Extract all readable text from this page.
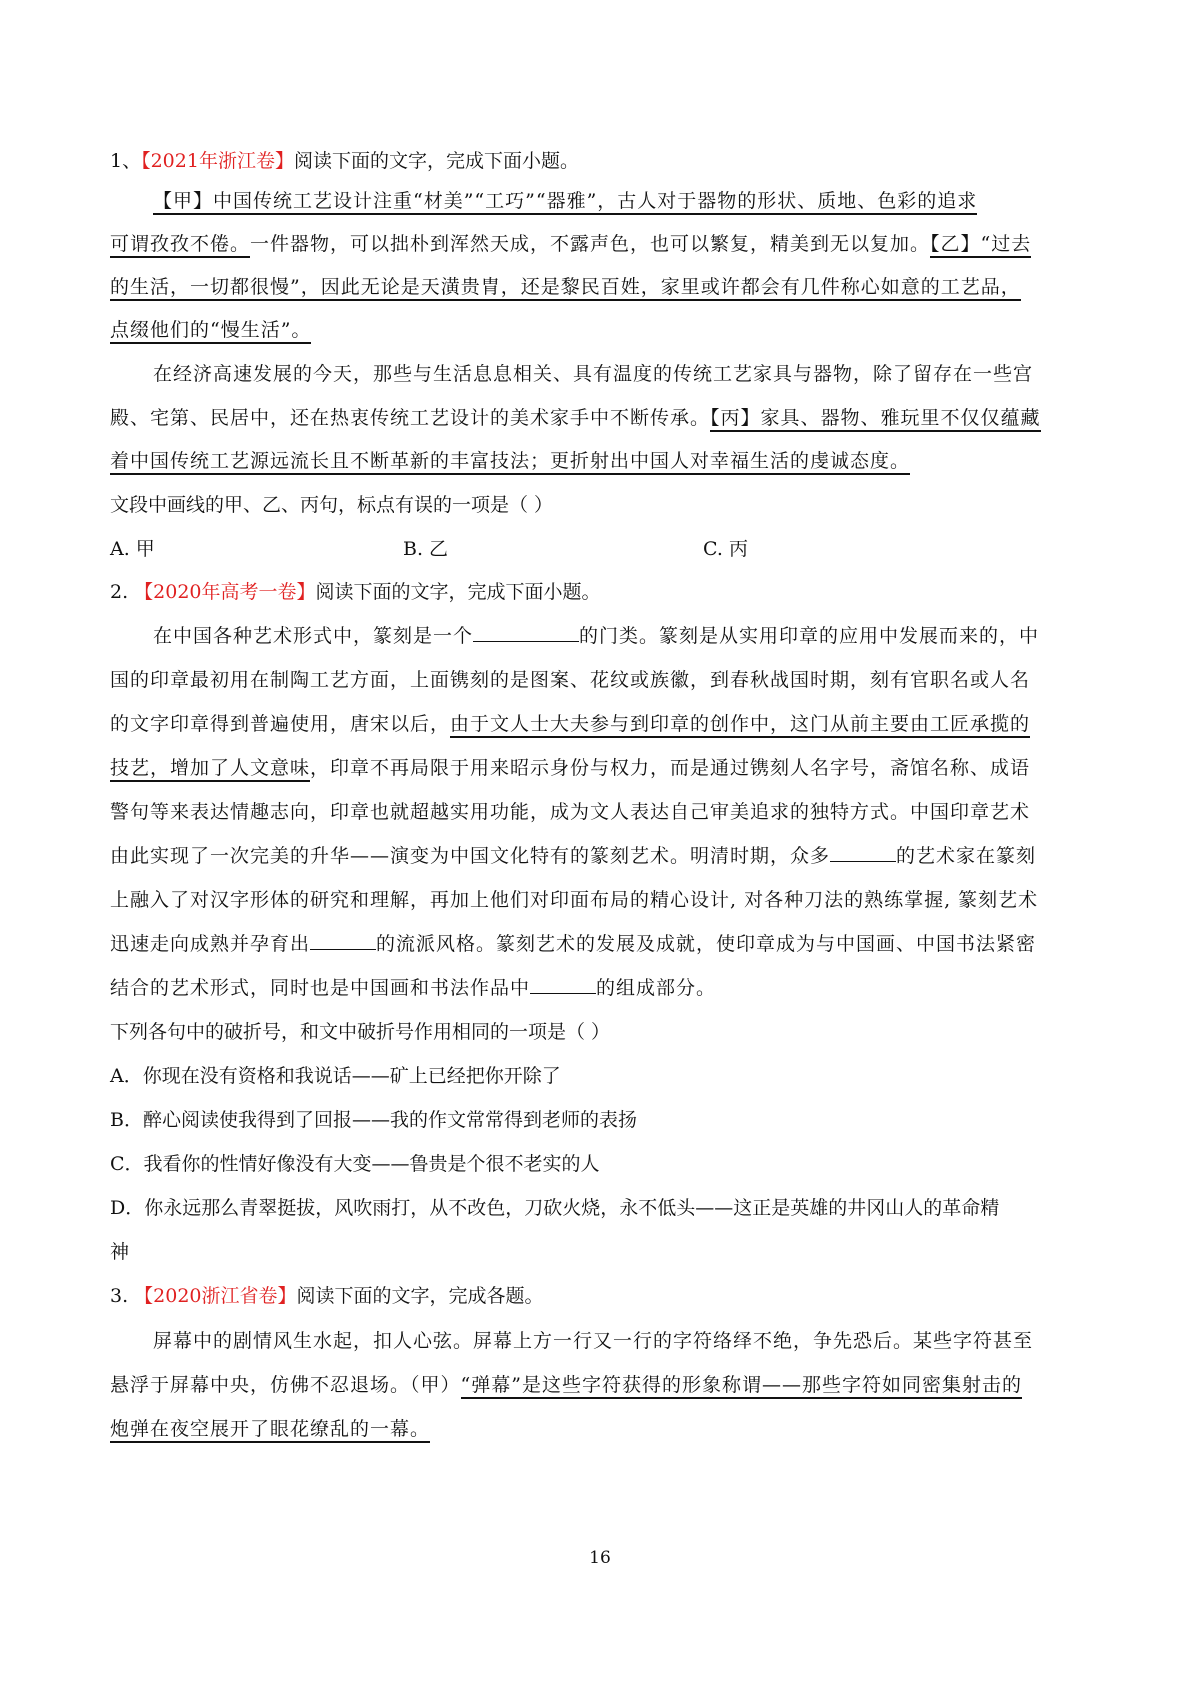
1、【2021年浙江卷】阅读下面的文字，完成下面小题。
【甲】中国传统工艺设计注重“材美”“工巧”“器雅”，古人对于器物的形状、质地、色彩的追求
可谓孜孜不倦。一件器物，可以拙朴到浑然天成，不露声色，也可以繁复，精美到无以复加。【乙】“过去
的生活，一切都很慢”，因此无论是天潢贵胄，还是黎民百姓，家里或许都会有几件称心如意的工艺品，
点缀他们的“慢生活”。
在经济高速发展的今天，那些与生活息息相关、具有温度的传统工艺家具与器物，除了留存在一些宫
殿、宅第、民居中，还在热衷传统工艺设计的美术家手中不断传承。【丙】家具、器物、雅玩里不仅仅蕴藏
着中国传统工艺源远流长且不断革新的丰富技法；更折射出中国人对幸福生活的虔诚态度。
文段中画线的甲、乙、丙句，标点有误的一项是（ ）
A. 甲	B. 乙	C. 丙
2. 【2020年高考一卷】阅读下面的文字，完成下面小题。
在中国各种艺术形式中，篆刻是一个	的门类。篆刻是从实用印章的应用中发展而来的，中
国的印章最初用在制陶工艺方面，上面镌刻的是图案、花纹或族徽，到春秋战国时期，刻有官职名或人名
的文字印章得到普遍使用，唐宋以后，由于文人士大夫参与到印章的创作中，这门从前主要由工匠承揽的
技艺，增加了人文意味，印章不再局限于用来昭示身份与权力，而是通过镌刻人名字号，斋馆名称、成语
警句等来表达情趣志向，印章也就超越实用功能，成为文人表达自己审美追求的独特方式。中国印章艺术
由此实现了一次完美的升华——演变为中国文化特有的篆刻艺术。明清时期，众多	的艺术家在篆刻
上融入了对汉字形体的研究和理解，再加上他们对印面布局的精心设计, 对各种刀法的熟练掌握, 篆刻艺术
迅速走向成熟并孕育出	的流派风格。篆刻艺术的发展及成就，使印章成为与中国画、中国书法紧密
结合的艺术形式，同时也是中国画和书法作品中	的组成部分。
下列各句中的破折号，和文中破折号作用相同的一项是（ ）
A．你现在没有资格和我说话——矿上已经把你开除了
B．醉心阅读使我得到了回报——我的作文常常得到老师的表扬
C．我看你的性情好像没有大变——鲁贵是个很不老实的人
D．你永远那么青翠挺拔，风吹雨打，从不改色，刀砍火烧，永不低头——这正是英雄的井冈山人的革命精
神
3. 【2020浙江省卷】阅读下面的文字，完成各题。
屏幕中的剧情风生水起，扣人心弦。屏幕上方一行又一行的字符络绎不绝，争先恐后。某些字符甚至
悬浮于屏幕中央，仿佛不忍退场。（甲）“弹幕”是这些字符获得的形象称谓——那些字符如同密集射击的
炮弹在夜空展开了眼花缭乱的一幕。
16
